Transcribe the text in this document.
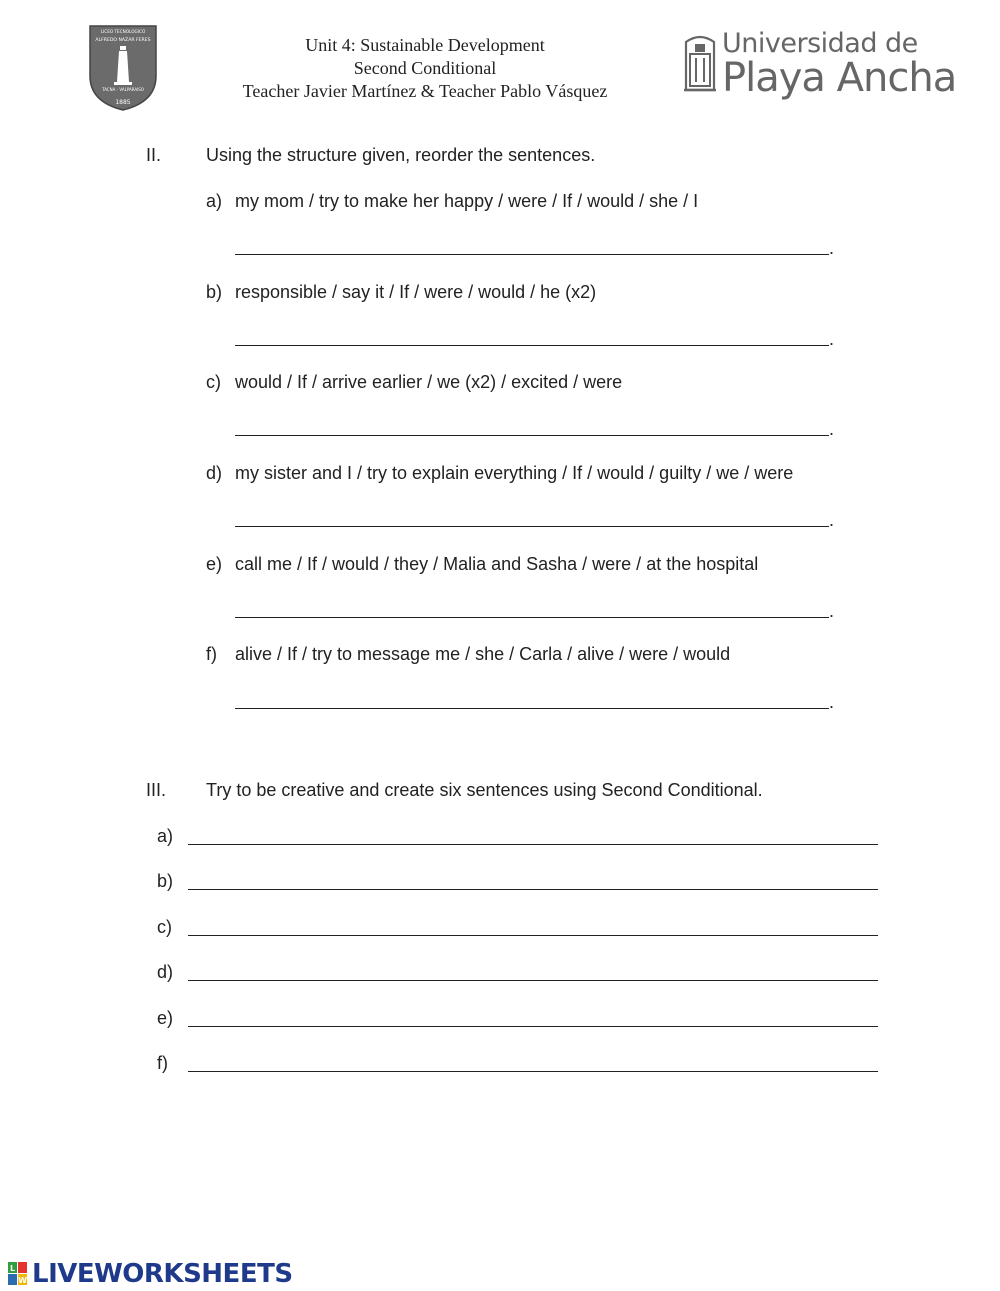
LICEO TECNOLOGICO
ALFREDO NAZAR FERES
TACNA - VALPARAISO
1885
Unit 4: Sustainable Development
Second Conditional
Teacher Javier Martínez & Teacher Pablo Vásquez
Universidad de
Playa Ancha
II. Using the structure given, reorder the sentences.
a) my mom / try to make her happy / were / If / would / she / I
.
b) responsible / say it / If / were / would / he (x2)
.
c) would / If / arrive earlier / we (x2) / excited / were
.
d) my sister and I / try to explain everything / If / would / guilty / we / were
.
e) call me / If / would / they / Malia and Sasha / were / at the hospital
.
f) alive / If / try to message me / she / Carla / alive / were / would
.
III. Try to be creative and create six sentences using Second Conditional.
a)
b)
c)
d)
e)
f)
L
W LIVEWORKSHEETS
